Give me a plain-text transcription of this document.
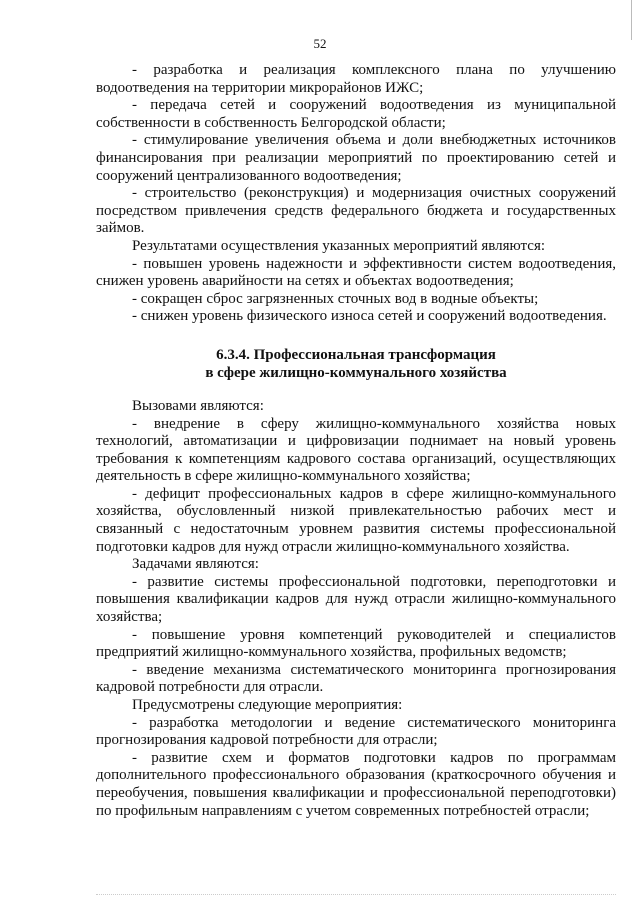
52

- разработка и реализация комплексного плана по улучшению водоотведения на территории микрорайонов ИЖС;

- передача сетей и сооружений водоотведения из муниципальной собственности в собственность Белгородской области;

- стимулирование увеличения объема и доли внебюджетных источников финансирования при реализации мероприятий по проектированию сетей и сооружений централизованного водоотведения;

- строительство (реконструкция) и модернизация очистных сооружений посредством привлечения средств федерального бюджета и государственных займов.

Результатами осуществления указанных мероприятий являются:

- повышен уровень надежности и эффективности систем водоотведения, снижен уровень аварийности на сетях и объектах водоотведения;

- сокращен сброс загрязненных сточных вод в водные объекты;

- снижен уровень физического износа сетей и сооружений водоотведения.

6.3.4. Профессиональная трансформация
в сфере жилищно-коммунального хозяйства

Вызовами являются:

- внедрение в сферу жилищно-коммунального хозяйства новых технологий, автоматизации и цифровизации поднимает на новый уровень требования к компетенциям кадрового состава организаций, осуществляющих деятельность в сфере жилищно-коммунального хозяйства;

- дефицит профессиональных кадров в сфере жилищно-коммунального хозяйства, обусловленный низкой привлекательностью рабочих мест и связанный с недостаточным уровнем развития системы профессиональной подготовки кадров для нужд отрасли жилищно-коммунального хозяйства.

Задачами являются:

- развитие системы профессиональной подготовки, переподготовки и повышения квалификации кадров для нужд отрасли жилищно-коммунального хозяйства;

- повышение уровня компетенций руководителей и специалистов предприятий жилищно-коммунального хозяйства, профильных ведомств;

- введение механизма систематического мониторинга прогнозирования кадровой потребности для отрасли.

Предусмотрены следующие мероприятия:

- разработка методологии и ведение систематического мониторинга прогнозирования кадровой потребности для отрасли;

- развитие схем и форматов подготовки кадров по программам дополнительного профессионального образования (краткосрочного обучения и переобучения, повышения квалификации и профессиональной переподготовки) по профильным направлениям с учетом современных потребностей отрасли;
